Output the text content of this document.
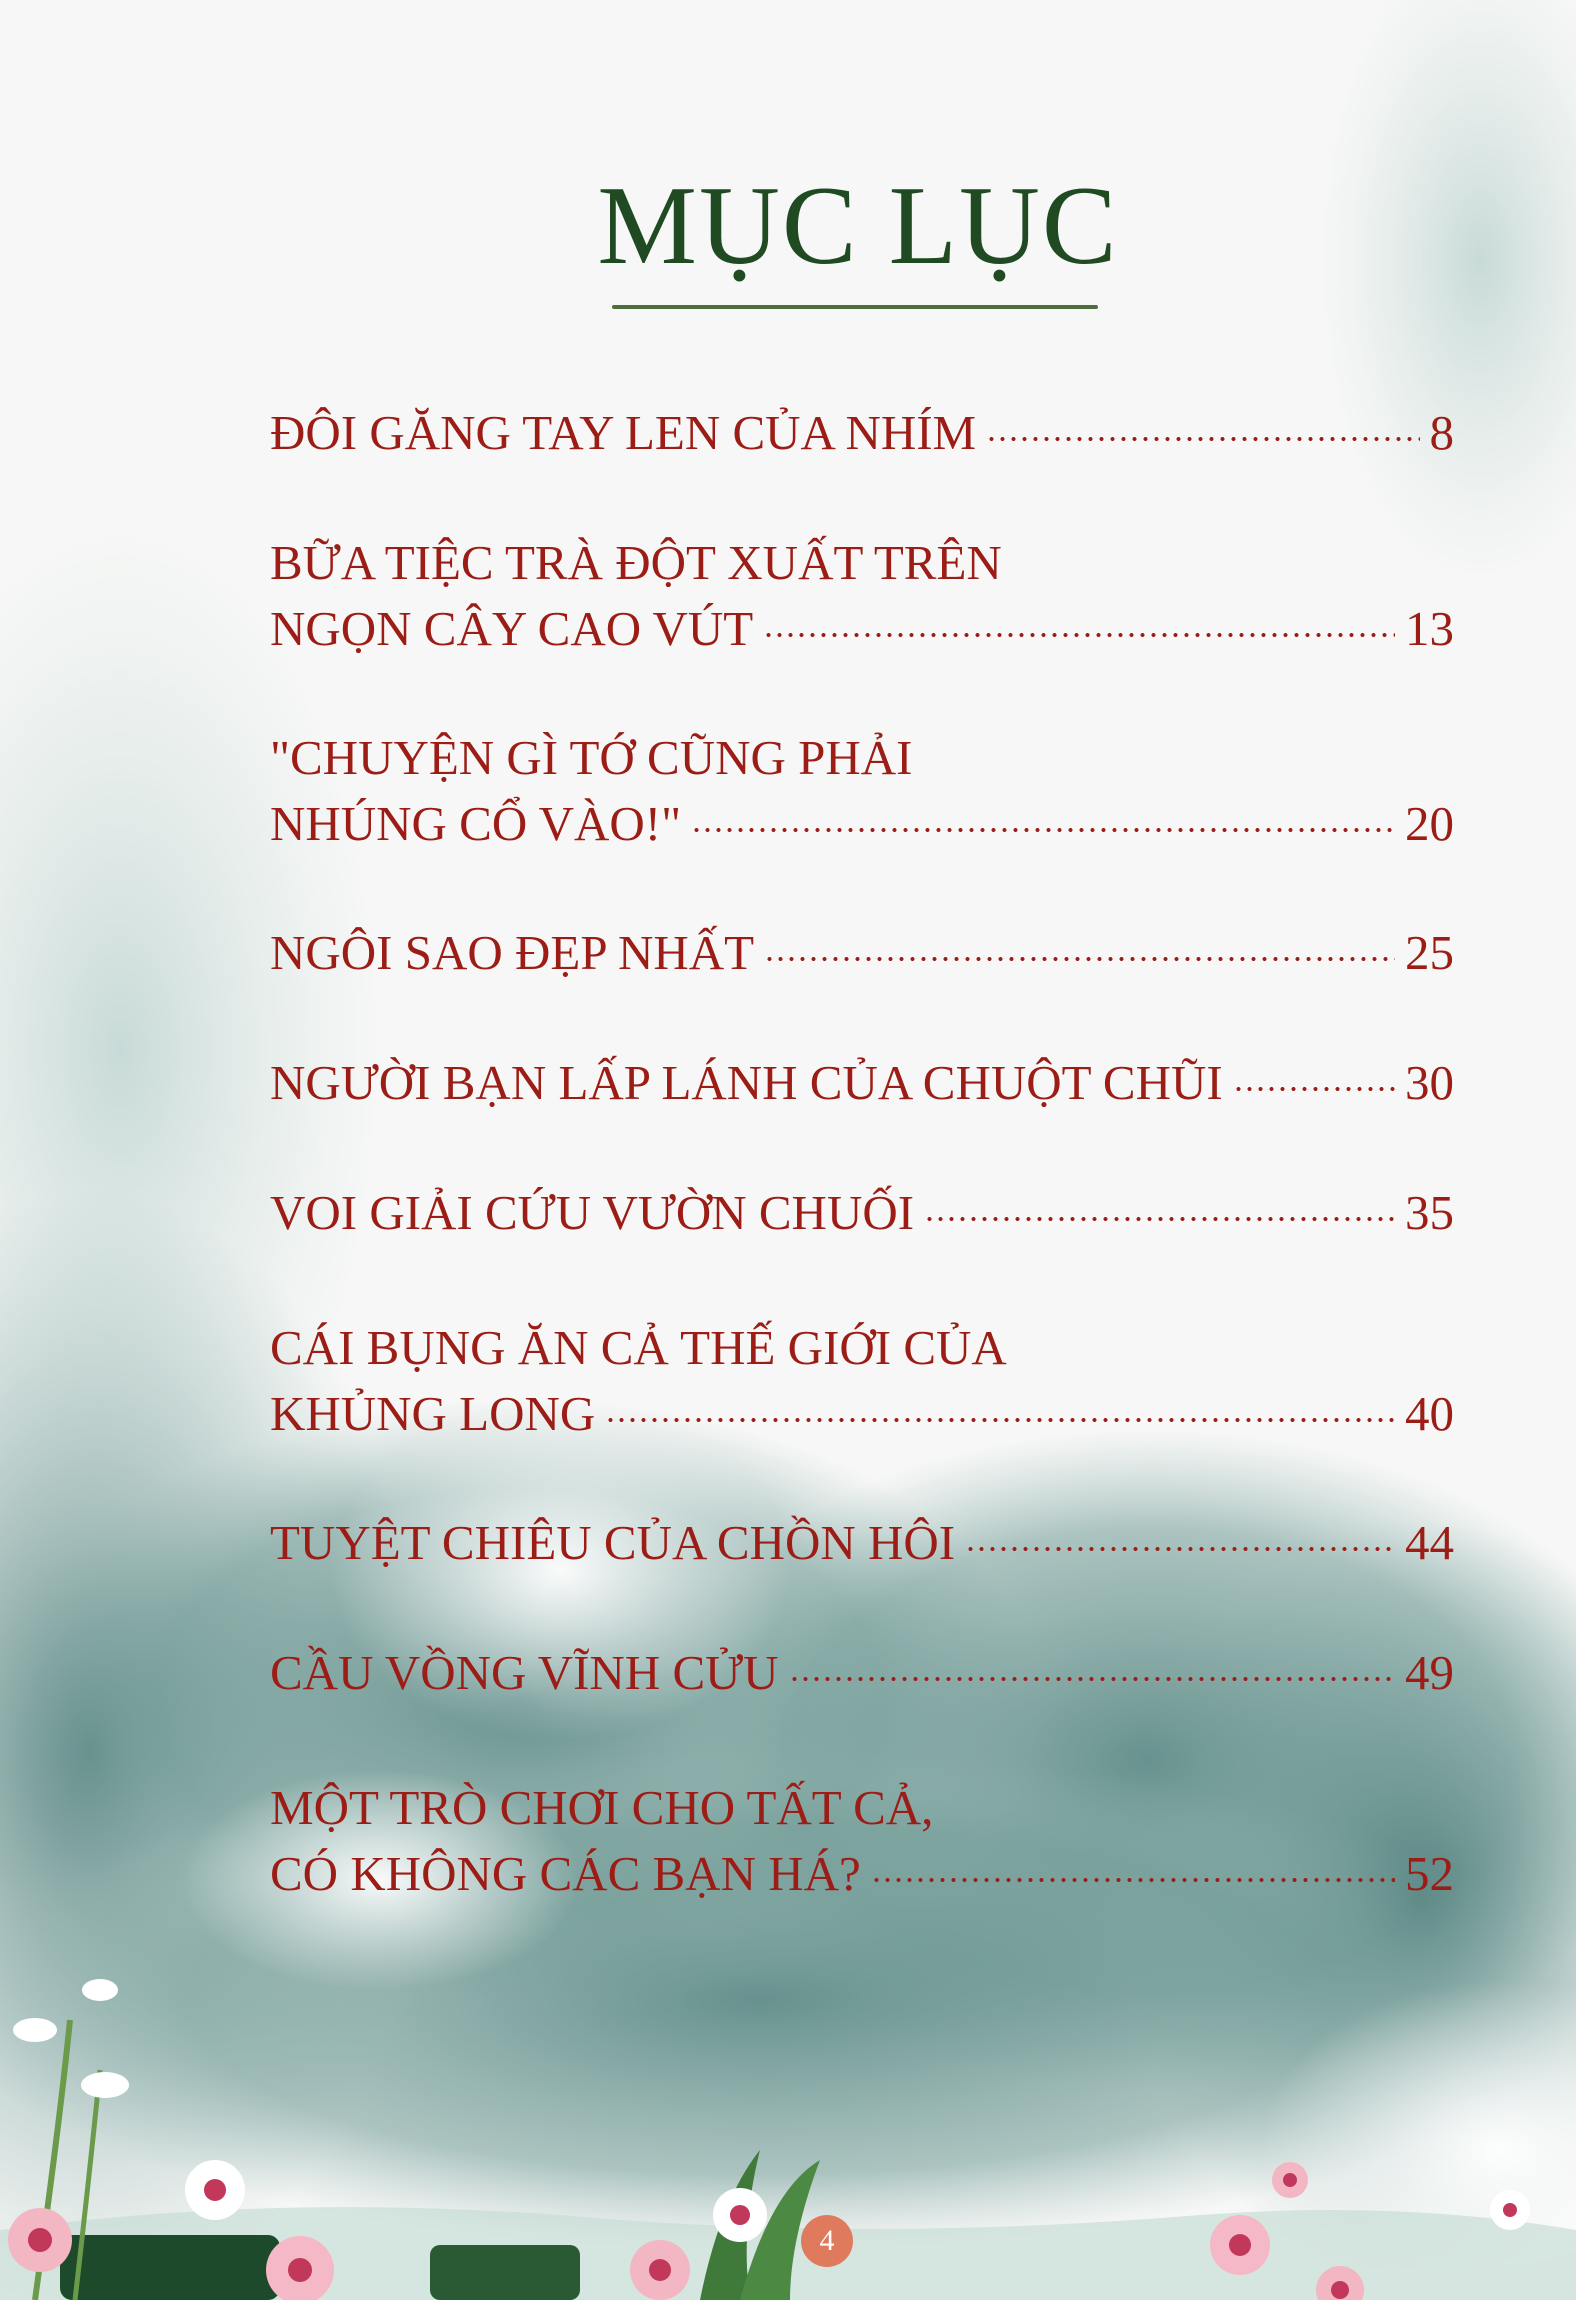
MỤC LỤC
ĐÔI GĂNG TAY LEN CỦA NHÍM	8
BỮA TIỆC TRÀ ĐỘT XUẤT TRÊN
NGỌN CÂY CAO VÚT	13
"CHUYỆN GÌ TỚ CŨNG PHẢI
NHÚNG CỔ VÀO!"	20
NGÔI SAO ĐẸP NHẤT	25
NGƯỜI BẠN LẤP LÁNH CỦA CHUỘT CHŨI	30
VOI GIẢI CỨU VƯỜN CHUỐI	35
CÁI BỤNG ĂN CẢ THẾ GIỚI CỦA
KHỦNG LONG	40
TUYỆT CHIÊU CỦA CHỒN HÔI	44
CẦU VỒNG VĨNH CỬU	49
MỘT TRÒ CHƠI CHO TẤT CẢ,
CÓ KHÔNG CÁC BẠN HÁ?	52
4
